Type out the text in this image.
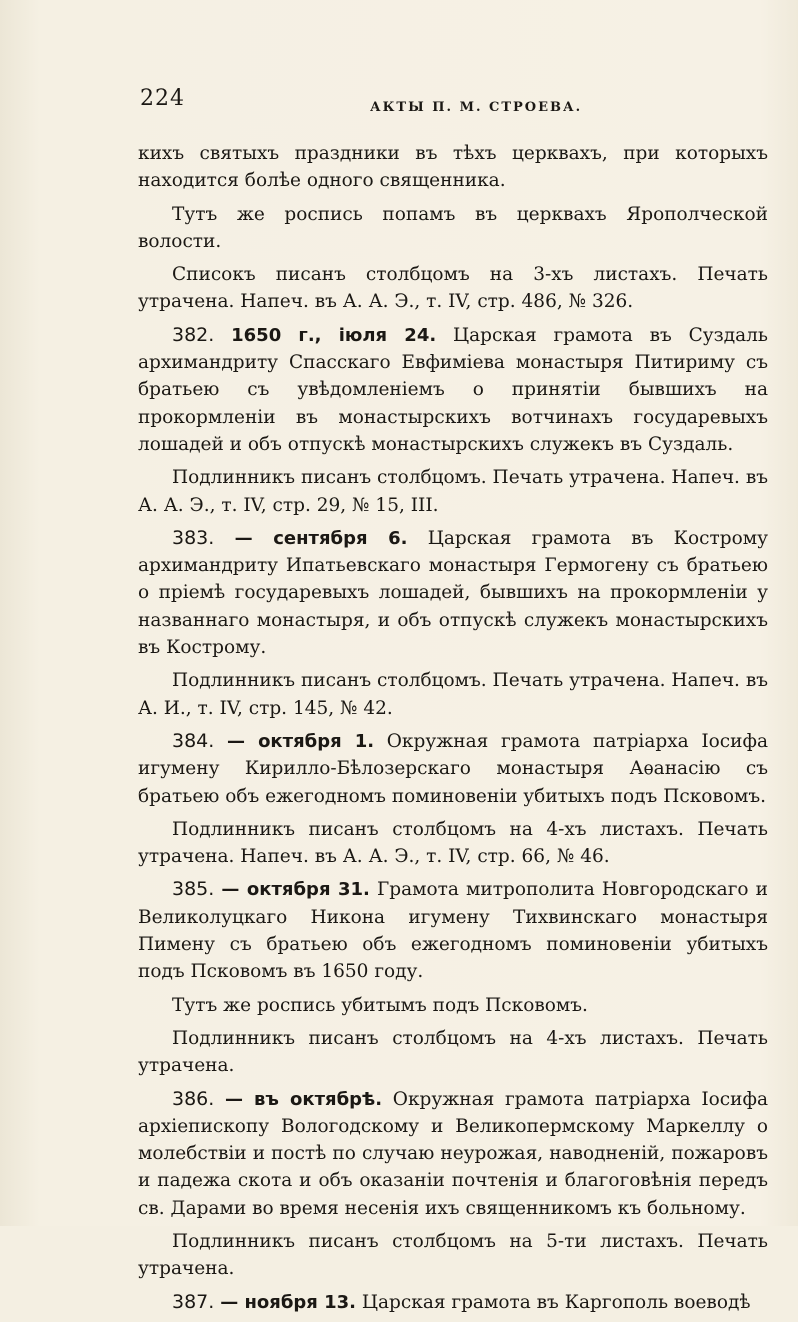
224	АКТЫ П. М. СТРОЕВА.

кихъ святыхъ праздники въ тѣхъ церквахъ, при которыхъ находится болѣе одного священника.

Тутъ же роспись попамъ въ церквахъ Ярополческой волости.

Списокъ писанъ столбцомъ на 3-хъ листахъ. Печать утрачена. Напеч. въ А. А. Э., т. IV, стр. 486, № 326.

382. 1650 г., іюля 24. Царская грамота въ Суздаль архимандриту Спасскаго Евфиміева монастыря Питириму съ братьею съ увѣдомленіемъ о принятіи бывшихъ на прокормленіи въ монастырскихъ вотчинахъ государевыхъ лошадей и объ отпускѣ монастырскихъ служекъ въ Суздаль.

Подлинникъ писанъ столбцомъ. Печать утрачена. Напеч. въ А. А. Э., т. IV, стр. 29, № 15, III.

383. — сентября 6. Царская грамота въ Кострому архимандриту Ипатьевскаго монастыря Гермогену съ братьею о пріемѣ государевыхъ лошадей, бывшихъ на прокормленіи у названнаго монастыря, и объ отпускѣ служекъ монастырскихъ въ Кострому.

Подлинникъ писанъ столбцомъ. Печать утрачена. Напеч. въ А. И., т. IV, стр. 145, № 42.

384. — октября 1. Окружная грамота патріарха Іосифа игумену Кирилло-Бѣлозерскаго монастыря Аѳанасію съ братьею объ ежегодномъ поминовеніи убитыхъ подъ Псковомъ.

Подлинникъ писанъ столбцомъ на 4-хъ листахъ. Печать утрачена. Напеч. въ А. А. Э., т. IV, стр. 66, № 46.

385. — октября 31. Грамота митрополита Новгородскаго и Великолуцкаго Никона игумену Тихвинскаго монастыря Пимену съ братьею объ ежегодномъ поминовеніи убитыхъ подъ Псковомъ въ 1650 году.

Тутъ же роспись убитымъ подъ Псковомъ.

Подлинникъ писанъ столбцомъ на 4-хъ листахъ. Печать утрачена.

386. — въ октябрѣ. Окружная грамота патріарха Іосифа архіепископу Вологодскому и Великопермскому Маркеллу о молебствіи и постѣ по случаю неурожая, наводненій, пожаровъ и падежа скота и объ оказаніи почтенія и благоговѣнія передъ св. Дарами во время несенія ихъ священникомъ къ больному.

Подлинникъ писанъ столбцомъ на 5-ти листахъ. Печать утрачена.

387. — ноября 13. Царская грамота въ Каргополь воеводѣ
